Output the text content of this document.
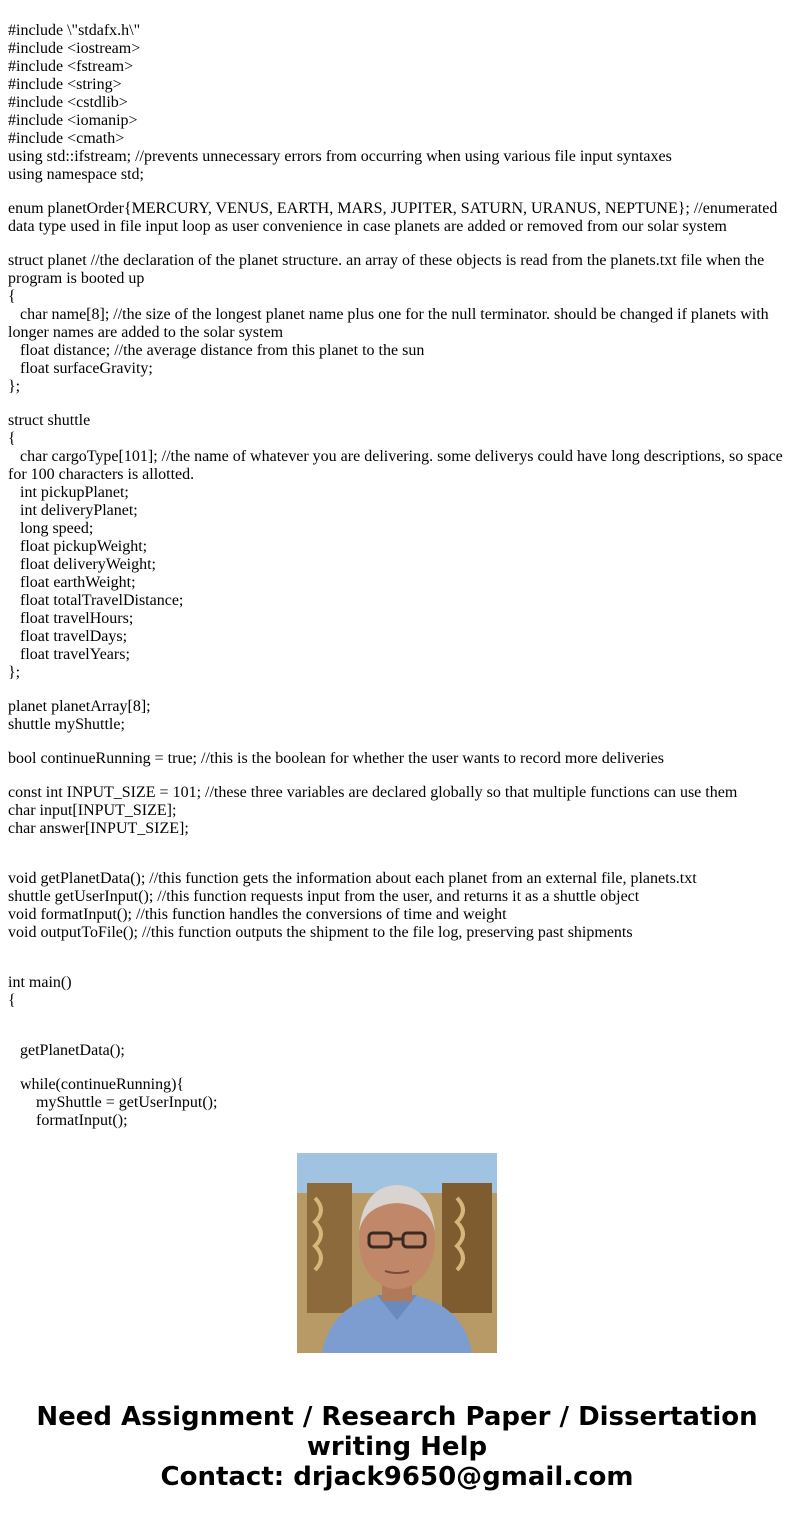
#include \"stdafx.h\"
#include <iostream>
#include <fstream>
#include <string>
#include <cstdlib>
#include <iomanip>
#include <cmath>
using std::ifstream; //prevents unnecessary errors from occurring when using various file input syntaxes
using namespace std;
enum planetOrder{MERCURY, VENUS, EARTH, MARS, JUPITER, SATURN, URANUS, NEPTUNE}; //enumerated data type used in file input loop as user convenience in case planets are added or removed from our solar system
struct planet //the declaration of the planet structure. an array of these objects is read from the planets.txt file when the program is booted up
{
char name[8]; //the size of the longest planet name plus one for the null terminator. should be changed if planets with longer names are added to the solar system
float distance; //the average distance from this planet to the sun
float surfaceGravity;
};
struct shuttle
{
char cargoType[101]; //the name of whatever you are delivering. some deliverys could have long descriptions, so space for 100 characters is allotted.
int pickupPlanet;
int deliveryPlanet;
long speed;
float pickupWeight;
float deliveryWeight;
float earthWeight;
float totalTravelDistance;
float travelHours;
float travelDays;
float travelYears;
};
planet planetArray[8];
shuttle myShuttle;
bool continueRunning = true; //this is the boolean for whether the user wants to record more deliveries
const int INPUT_SIZE = 101; //these three variables are declared globally so that multiple functions can use them
char input[INPUT_SIZE];
char answer[INPUT_SIZE];
void getPlanetData(); //this function gets the information about each planet from an external file, planets.txt
shuttle getUserInput(); //this function requests input from the user, and returns it as a shuttle object
void formatInput(); //this function handles the conversions of time and weight
void outputToFile(); //this function outputs the shipment to the file log, preserving past shipments
int main()
{
getPlanetData();
while(continueRunning){
myShuttle = getUserInput();
formatInput();
Need Assignment / Research Paper / Dissertation
writing Help
Contact: drjack9650@gmail.com
